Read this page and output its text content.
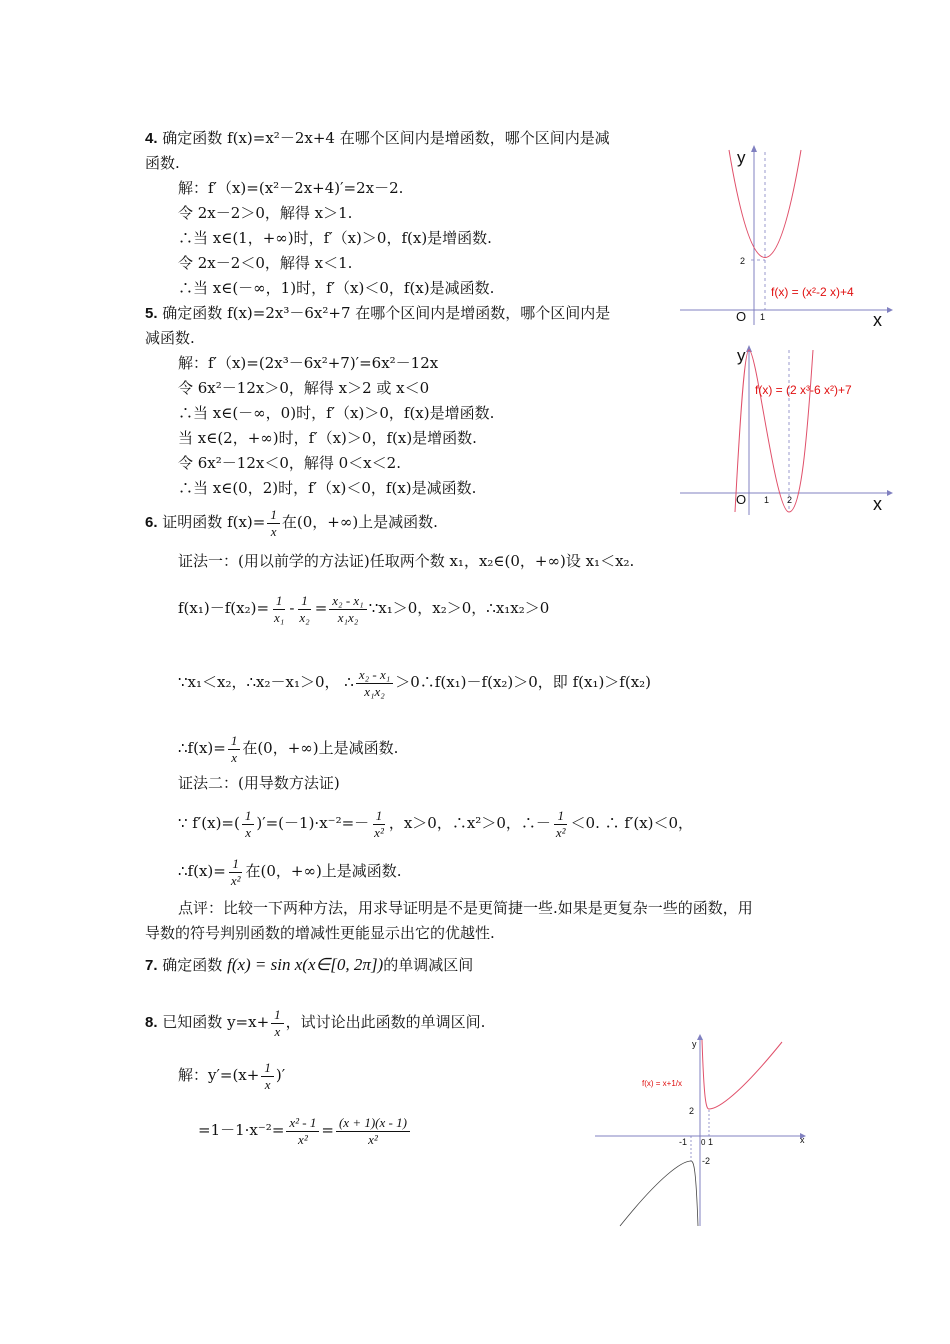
4. 确定函数 f(x)=x²－2x+4 在哪个区间内是增函数，哪个区间内是减
函数.
解：f′（x)=(x²－2x+4)′=2x－2.
令 2x－2＞0，解得 x＞1.
∴当 x∈(1，+∞)时，f′（x)＞0，f(x)是增函数.
令 2x－2＜0，解得 x＜1.
∴当 x∈(－∞，1)时，f′（x)＜0，f(x)是减函数.
5. 确定函数 f(x)=2x³－6x²+7 在哪个区间内是增函数，哪个区间内是
减函数.
解：f′（x)=(2x³－6x²+7)′=6x²－12x
令 6x²－12x＞0，解得 x＞2 或 x＜0
∴当 x∈(－∞，0)时，f′（x)＞0，f(x)是增函数.
当 x∈(2，+∞)时，f′（x)＞0，f(x)是增函数.
令 6x²－12x＜0，解得 0＜x＜2.
∴当 x∈(0，2)时，f′（x)＜0，f(x)是减函数.
6. 证明函数 $f(x)= \frac{1}{x}$ 在(0，+∞)上是减函数.
证法一：(用以前学的方法证)任取两个数 x₁，x₂∈(0，+∞)设 x₁＜x₂.
$f(x_1)-f(x_2)= \frac{1}{\text{x₁}} - \frac{1}{\text{x₂}} = \frac{\text{x₂ - x₁}}{\text{x₁x₂}}$ ∵x₁＞0，x₂＞0，∴x₁x₂＞0
∵x₁＜x₂，∴x₂－x₁＞0， ∴ $\frac{\text{x₂ - x₁}}{\text{x₁x₂}}$ ＞0∴f(x₁)－f(x₂)＞0，即 f(x₁)＞f(x₂)
∴f(x)= $\frac{1}{x}$ 在(0，+∞)上是减函数.
证法二：(用导数方法证)
∵ $f'(x)=( \frac{1}{x} )'=(-1)\cdot x^{-2}=- \frac{1}{\text{x²}}$ ，x＞0，∴x²＞0，∴－ $\frac{1}{\text{x²}} <0$. ∴ f′(x)＜0，
∴f(x)= $\frac{1}{\text{x²}}$ 在(0，+∞)上是减函数.
点评：比较一下两种方法，用求导证明是不是更简捷一些.如果是更复杂一些的函数，用
导数的符号判别函数的增减性更能显示出它的优越性.
7. 确定函数 f(x) = sin x(x∈[0, 2π])的单调减区间
8. 已知函数 $y=x+ \frac{1}{x}$ ，试讨论出此函数的单调区间.
解：$y'=(x+ \frac{1}{x}$ )′
$=1-1\cdot x^{-2}= \frac{\text{x² - 1}}{\text{x²}} = \frac{(x + 1)(x - 1)}{\text{x²}}$
y
x
O 1
2
f(x) = (x²-2 x)+4
y
x
O 1 2
f(x) = (2 x³-6 x²)+7
y
x
0
-1 1
2
-2
f(x) = x+1/x
